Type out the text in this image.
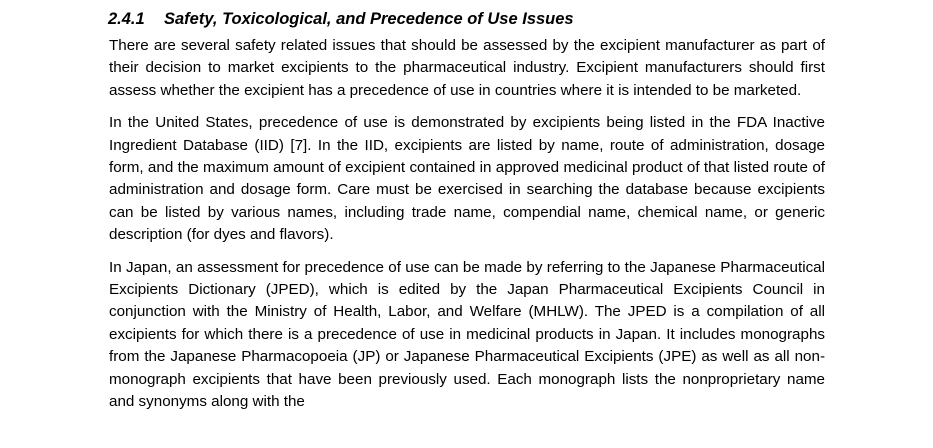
2.4.1 Safety, Toxicological, and Precedence of Use Issues

There are several safety related issues that should be assessed by the excipient manufacturer as part of their decision to market excipients to the pharmaceutical industry. Excipient manufacturers should first assess whether the excipient has a precedence of use in countries where it is intended to be marketed.

In the United States, precedence of use is demonstrated by excipients being listed in the FDA Inactive Ingredient Database (IID) [7]. In the IID, excipients are listed by name, route of administration, dosage form, and the maximum amount of excipient contained in approved medicinal product of that listed route of administration and dosage form. Care must be exercised in searching the database because excipients can be listed by various names, including trade name, compendial name, chemical name, or generic description (for dyes and flavors).

In Japan, an assessment for precedence of use can be made by referring to the Japanese Pharmaceutical Excipients Dictionary (JPED), which is edited by the Japan Pharmaceutical Excipients Council in conjunction with the Ministry of Health, Labor, and Welfare (MHLW). The JPED is a compilation of all excipients for which there is a precedence of use in medicinal products in Japan. It includes monographs from the Japanese Pharmacopoeia (JP) or Japanese Pharmaceutical Excipients (JPE) as well as all non-monograph excipients that have been previously used. Each monograph lists the nonproprietary name and synonyms along with the
